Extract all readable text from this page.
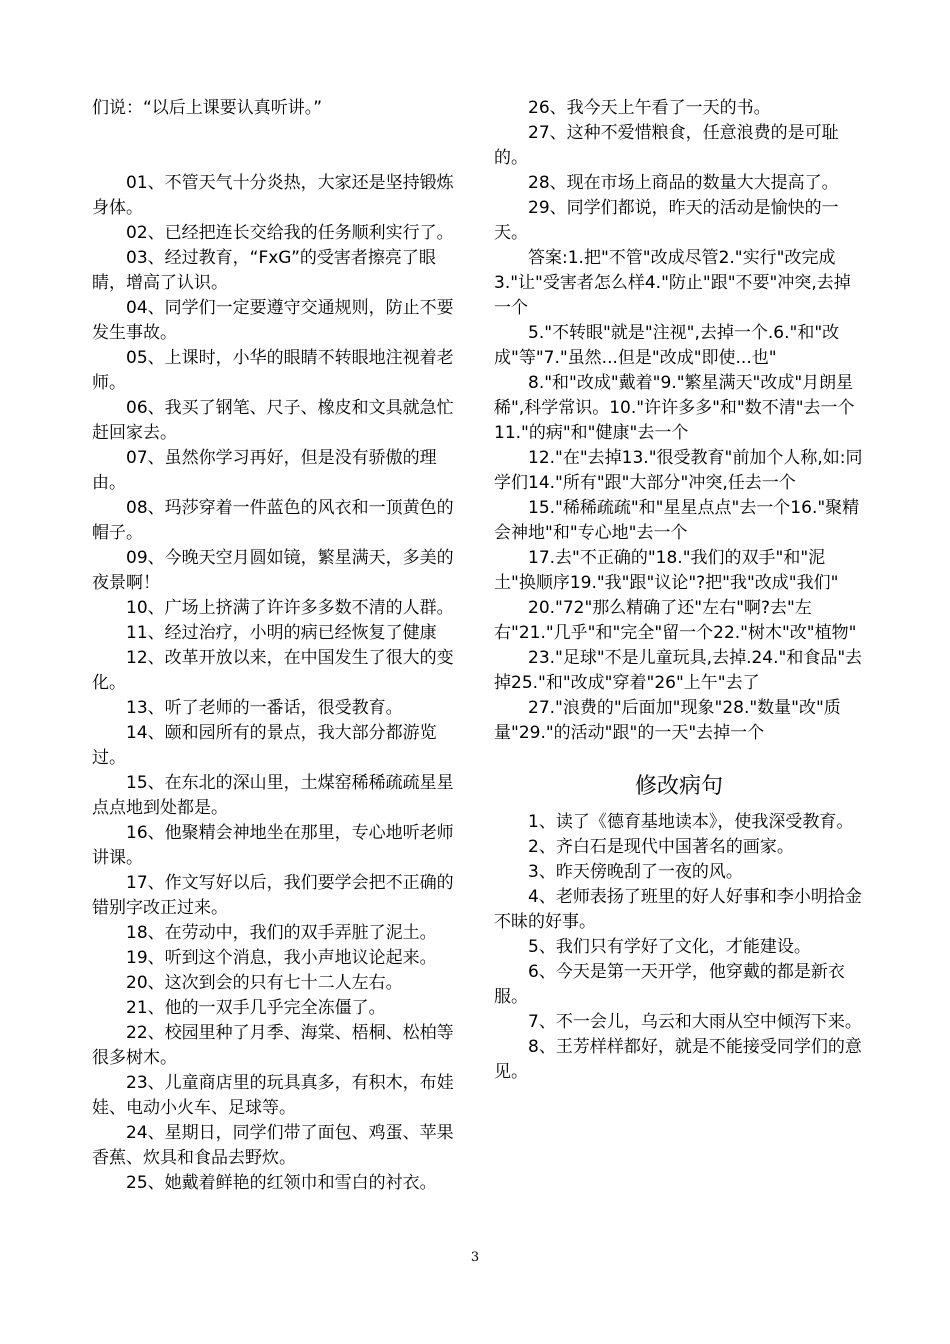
们说：“以后上课要认真听讲。”

01、不管天气十分炎热，大家还是坚持锻炼身体。

02、已经把连长交给我的任务顺利实行了。

03、经过教育，“FxG”的受害者擦亮了眼睛，增高了认识。

04、同学们一定要遵守交通规则，防止不要发生事故。

05、上课时，小华的眼睛不转眼地注视着老师。

06、我买了钢笔、尺子、橡皮和文具就急忙赶回家去。

07、虽然你学习再好，但是没有骄傲的理由。

08、玛莎穿着一件蓝色的风衣和一顶黄色的帽子。

09、今晚天空月圆如镜，繁星满天，多美的夜景啊！

10、广场上挤满了许许多多数不清的人群。

11、经过治疗，小明的病已经恢复了健康

12、改革开放以来，在中国发生了很大的变化。

13、听了老师的一番话，很受教育。

14、颐和园所有的景点，我大部分都游览过。

15、在东北的深山里，土煤窑稀稀疏疏星星点点地到处都是。

16、他聚精会神地坐在那里，专心地听老师讲课。

17、作文写好以后，我们要学会把不正确的错别字改正过来。

18、在劳动中，我们的双手弄脏了泥土。

19、听到这个消息，我小声地议论起来。

20、这次到会的只有七十二人左右。

21、他的一双手几乎完全冻僵了。

22、校园里种了月季、海棠、梧桐、松柏等很多树木。

23、儿童商店里的玩具真多，有积木，布娃娃、电动小火车、足球等。

24、星期日，同学们带了面包、鸡蛋、苹果香蕉、炊具和食品去野炊。

25、她戴着鲜艳的红领巾和雪白的衬衣。

26、我今天上午看了一天的书。

27、这种不爱惜粮食，任意浪费的是可耻的。

28、现在市场上商品的数量大大提高了。

29、同学们都说，昨天的活动是愉快的一天。

答案:1.把"不管"改成尽管2."实行"改完成3."让"受害者怎么样4."防止"跟"不要"冲突,去掉一个

5."不转眼"就是"注视",去掉一个.6."和"改成"等"7."虽然...但是"改成"即使...也"

8."和"改成"戴着"9."繁星满天"改成"月朗星稀",科学常识。10."许许多多"和"数不清"去一个11."的病"和"健康"去一个

12."在"去掉13."很受教育"前加个人称,如:同学们14."所有"跟"大部分"冲突,任去一个

15."稀稀疏疏"和"星星点点"去一个16."聚精会神地"和"专心地"去一个

17.去"不正确的"18."我们的双手"和"泥土"换顺序19."我"跟"议论"?把"我"改成"我们"

20."72"那么精确了还"左右"啊?去"左右"21."几乎"和"完全"留一个22."树木"改"植物"

23."足球"不是儿童玩具,去掉.24."和食品"去掉25."和"改成"穿着"26"上午"去了

27."浪费的"后面加"现象"28."数量"改"质量"29."的活动"跟"的一天"去掉一个

修改病句

1、读了《德育基地读本》，使我深受教育。

2、齐白石是现代中国著名的画家。

3、昨天傍晚刮了一夜的风。

4、老师表扬了班里的好人好事和李小明拾金不昧的好事。

5、我们只有学好了文化，才能建设。

6、今天是第一天开学，他穿戴的都是新衣服。

7、不一会儿，乌云和大雨从空中倾泻下来。

8、王芳样样都好，就是不能接受同学们的意见。

3
